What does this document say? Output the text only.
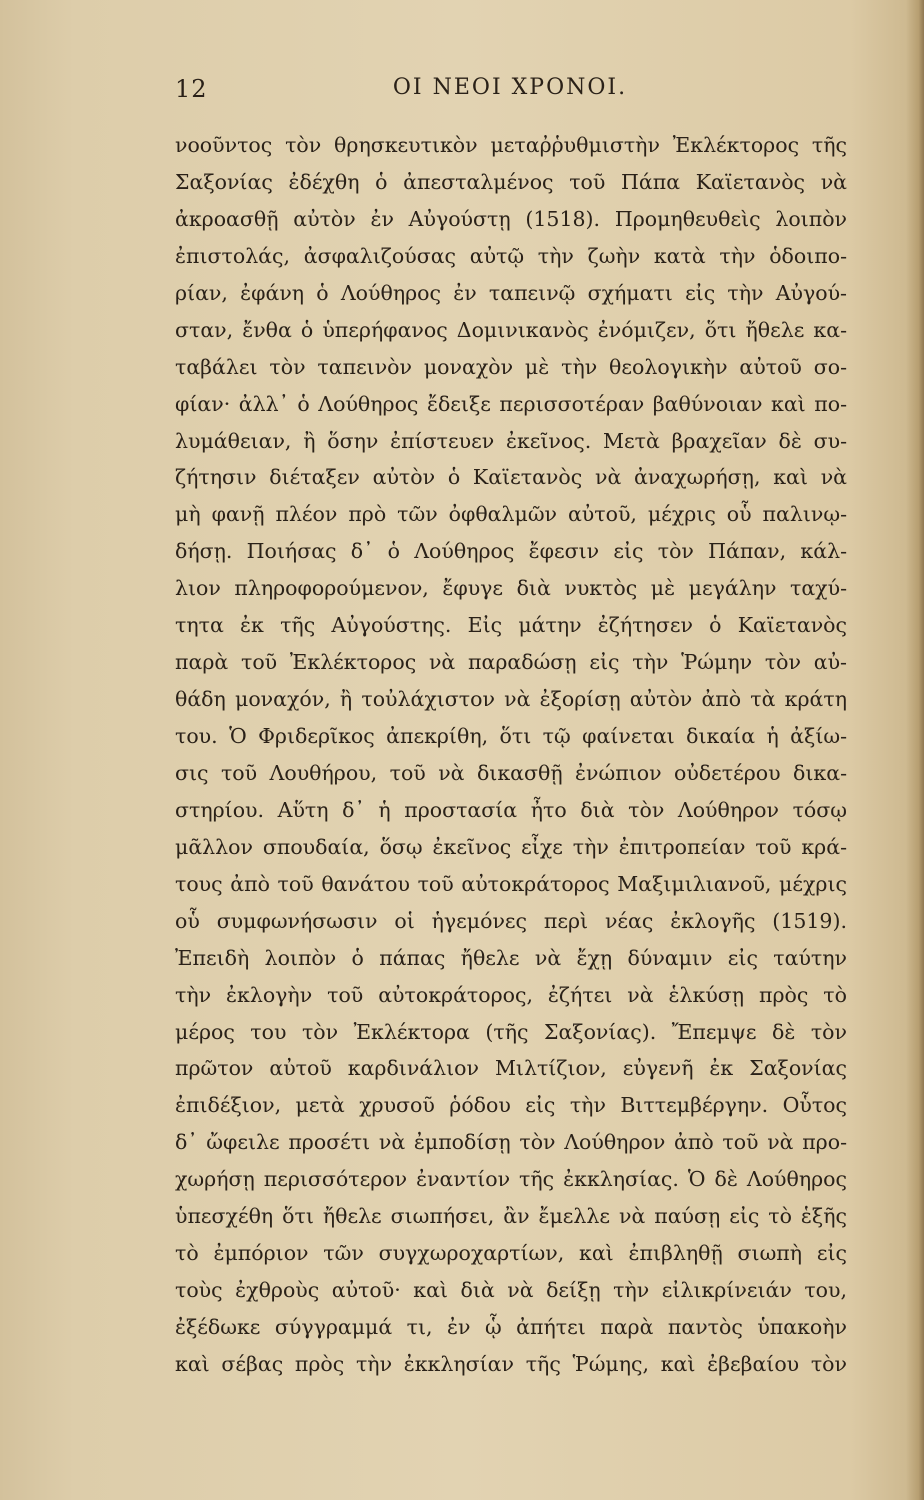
12	ΟΙ ΝΕΟΙ ΧΡΟΝΟΙ.
νοοῦντος τὸν θρησκευτικὸν μεταῤῥυθμιστὴν Ἐκλέκτορος τῆς
Σαξονίας ἐδέχθη ὁ ἀπεσταλμένος τοῦ Πάπα Καϊετανὸς νὰ
ἀκροασθῇ αὐτὸν ἐν Αὐγούστῃ (1518). Προμηθευθεὶς λοιπὸν
ἐπιστολάς, ἀσφαλιζούσας αὐτῷ τὴν ζωὴν κατὰ τὴν ὁδοιπο-
ρίαν, ἐφάνη ὁ Λούθηρος ἐν ταπεινῷ σχήματι εἰς τὴν Αὐγού-
σταν, ἔνθα ὁ ὑπερήφανος Δομινικανὸς ἐνόμιζεν, ὅτι ἤθελε κα-
ταβάλει τὸν ταπεινὸν μοναχὸν μὲ τὴν θεολογικὴν αὐτοῦ σο-
φίαν· ἀλλ᾿ ὁ Λούθηρος ἔδειξε περισσοτέραν βαθύνοιαν καὶ πο-
λυμάθειαν, ἢ ὅσην ἐπίστευεν ἐκεῖνος. Μετὰ βραχεῖαν δὲ συ-
ζήτησιν διέταξεν αὐτὸν ὁ Καϊετανὸς νὰ ἀναχωρήσῃ, καὶ νὰ
μὴ φανῇ πλέον πρὸ τῶν ὀφθαλμῶν αὐτοῦ, μέχρις οὗ παλινῳ-
δήσῃ. Ποιήσας δ᾿ ὁ Λούθηρος ἔφεσιν εἰς τὸν Πάπαν, κάλ-
λιον πληροφορούμενον, ἔφυγε διὰ νυκτὸς μὲ μεγάλην ταχύ-
τητα ἐκ τῆς Αὐγούστης. Εἰς μάτην ἐζήτησεν ὁ Καϊετανὸς
παρὰ τοῦ Ἐκλέκτορος νὰ παραδώσῃ εἰς τὴν Ῥώμην τὸν αὐ-
θάδη μοναχόν, ἢ τοὐλάχιστον νὰ ἐξορίσῃ αὐτὸν ἀπὸ τὰ κράτη
του. Ὁ Φριδερῖκος ἀπεκρίθη, ὅτι τῷ φαίνεται δικαία ἡ ἀξίω-
σις τοῦ Λουθήρου, τοῦ νὰ δικασθῇ ἐνώπιον οὐδετέρου δικα-
στηρίου. Αὕτη δ᾿ ἡ προστασία ἦτο διὰ τὸν Λούθηρον τόσῳ
μᾶλλον σπουδαία, ὅσῳ ἐκεῖνος εἶχε τὴν ἐπιτροπείαν τοῦ κρά-
τους ἀπὸ τοῦ θανάτου τοῦ αὐτοκράτορος Μαξιμιλιανοῦ, μέχρις
οὗ συμφωνήσωσιν οἱ ἡγεμόνες περὶ νέας ἐκλογῆς (1519).
Ἐπειδὴ λοιπὸν ὁ πάπας ἤθελε νὰ ἔχῃ δύναμιν εἰς ταύτην
τὴν ἐκλογὴν τοῦ αὐτοκράτορος, ἐζήτει νὰ ἑλκύσῃ πρὸς τὸ
μέρος του τὸν Ἐκλέκτορα (τῆς Σαξονίας). Ἔπεμψε δὲ τὸν
πρῶτον αὐτοῦ καρδινάλιον Μιλτίζιον, εὐγενῆ ἐκ Σαξονίας
ἐπιδέξιον, μετὰ χρυσοῦ ῥόδου εἰς τὴν Βιττεμβέργην. Οὗτος
δ᾿ ὤφειλε προσέτι νὰ ἐμποδίσῃ τὸν Λούθηρον ἀπὸ τοῦ νὰ προ-
χωρήσῃ περισσότερον ἐναντίον τῆς ἐκκλησίας. Ὁ δὲ Λούθηρος
ὑπεσχέθη ὅτι ἤθελε σιωπήσει, ἂν ἔμελλε νὰ παύσῃ εἰς τὸ ἑξῆς
τὸ ἐμπόριον τῶν συγχωροχαρτίων, καὶ ἐπιβληθῇ σιωπὴ εἰς
τοὺς ἐχθροὺς αὐτοῦ· καὶ διὰ νὰ δείξῃ τὴν εἰλικρίνειάν του,
ἐξέδωκε σύγγραμμά τι, ἐν ᾧ ἀπήτει παρὰ παντὸς ὑπακοὴν
καὶ σέβας πρὸς τὴν ἐκκλησίαν τῆς Ῥώμης, καὶ ἐβεβαίου τὸν
